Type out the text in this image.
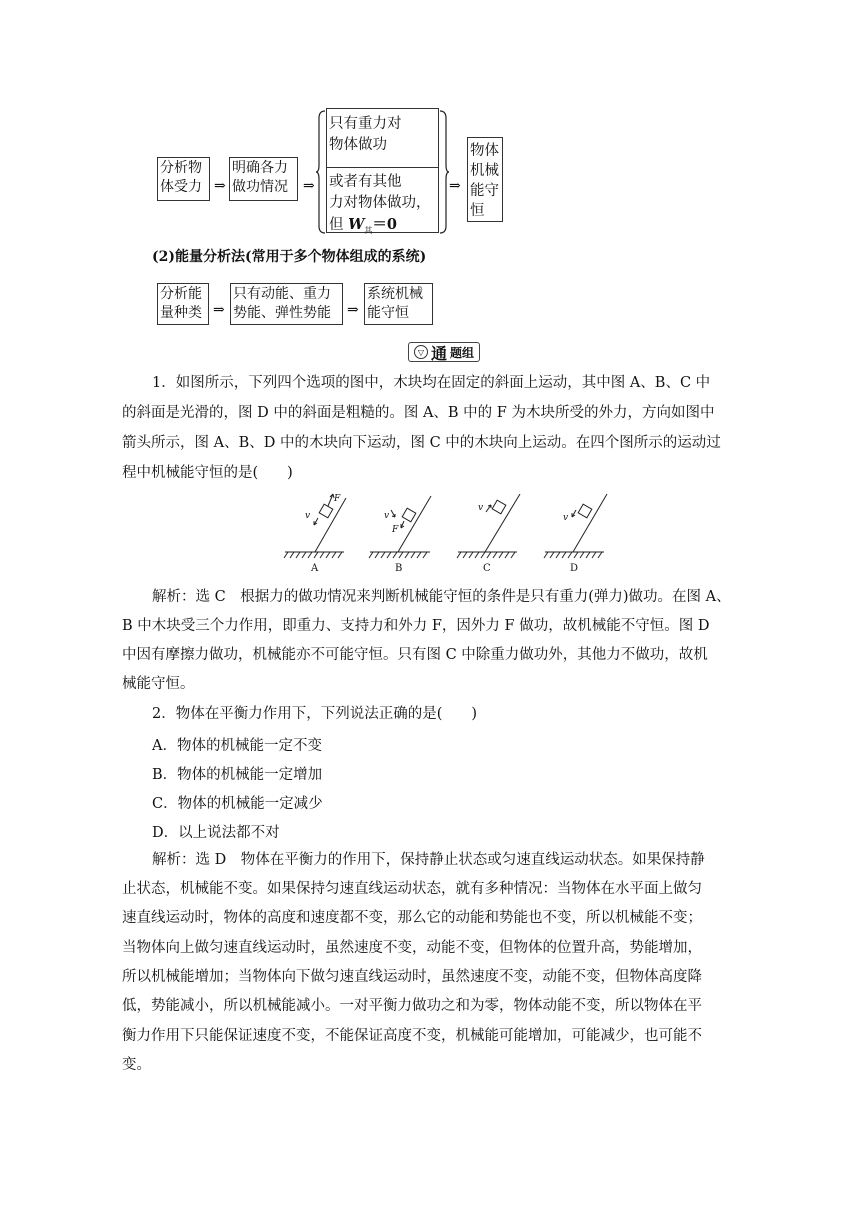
分析物
体受力 ⇒
明确各力
做功情况	⇒
只有重力对
物体做功
或者有其他
力对物体做功，
但 $W_其=0$
⇒
物体
机械
能守
恒
(2)能量分析法(常用于多个物体组成的系统)
分析能
量种类 ⇒
只有动能、重力
势能、弹性势能	⇒
系统机械
能守恒
▽ 通 题组
1．如图所示，下列四个选项的图中，木块均在固定的斜面上运动，其中图 A、B、C 中
的斜面是光滑的，图 D 中的斜面是粗糙的。图 A、B 中的 F 为木块所受的外力，方向如图中
箭头所示，图 A、B、D 中的木块向下运动，图 C 中的木块向上运动。在四个图所示的运动过
程中机械能守恒的是(　　)
v
F
v
F
v
v
A	B	C	D
解析：选 C　根据力的做功情况来判断机械能守恒的条件是只有重力(弹力)做功。在图 A、
B 中木块受三个力作用，即重力、支持力和外力 F，因外力 F 做功，故机械能不守恒。图 D
中因有摩擦力做功，机械能亦不可能守恒。只有图 C 中除重力做功外，其他力不做功，故机
械能守恒。
2．物体在平衡力作用下，下列说法正确的是(　　)
A．物体的机械能一定不变
B．物体的机械能一定增加
C．物体的机械能一定减少
D．以上说法都不对
解析：选 D　物体在平衡力的作用下，保持静止状态或匀速直线运动状态。如果保持静
止状态，机械能不变。如果保持匀速直线运动状态，就有多种情况：当物体在水平面上做匀
速直线运动时，物体的高度和速度都不变，那么它的动能和势能也不变，所以机械能不变；
当物体向上做匀速直线运动时，虽然速度不变，动能不变，但物体的位置升高，势能增加，
所以机械能增加；当物体向下做匀速直线运动时，虽然速度不变，动能不变，但物体高度降
低，势能减小，所以机械能减小。一对平衡力做功之和为零，物体动能不变，所以物体在平
衡力作用下只能保证速度不变，不能保证高度不变，机械能可能增加，可能减少，也可能不
变。
